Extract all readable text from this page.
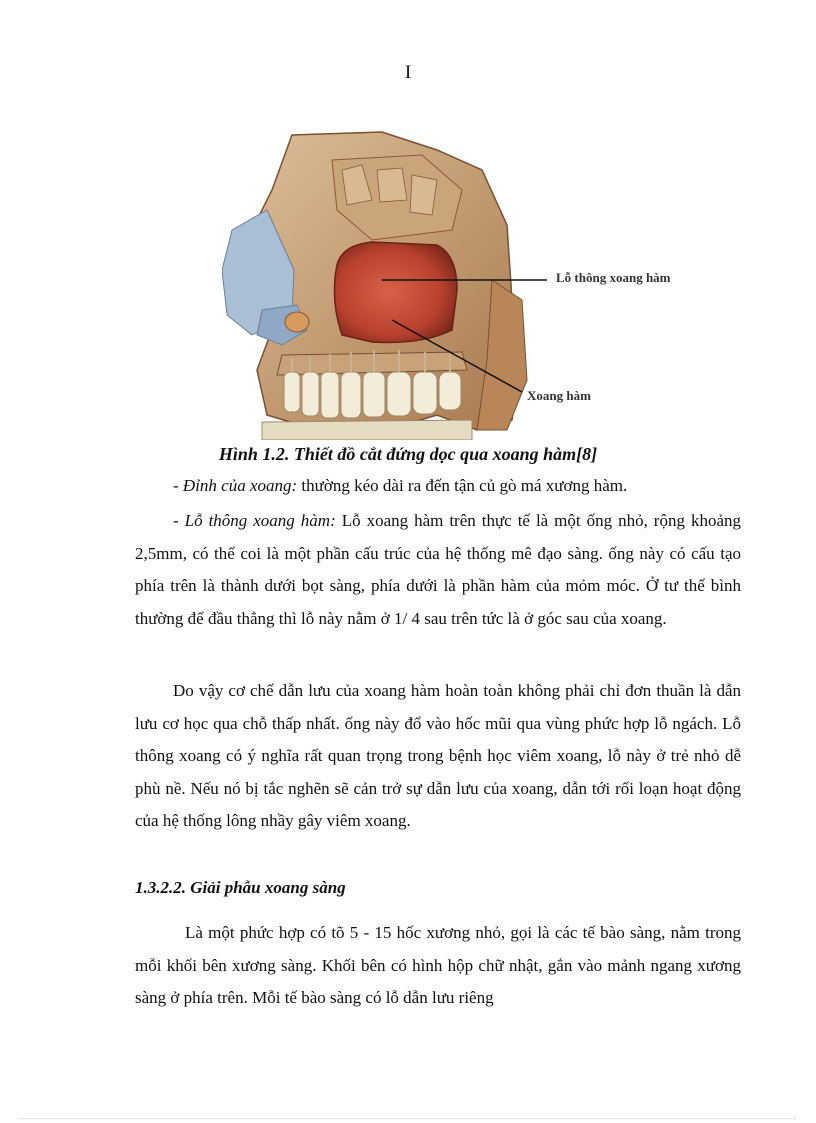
I
Lỗ thông xoang hàm
Xoang hàm
Hình 1.2. Thiết đồ cắt đứng dọc qua xoang hàm[8]

- Đỉnh của xoang: thường kéo dài ra đến tận củ gò má xương hàm.

- Lỗ thông xoang hàm: Lỗ xoang hàm trên thực tế là một ống nhỏ, rộng khoảng 2,5mm, có thể coi là một phần cấu trúc của hệ thống mê đạo sàng. ống này có cấu tạo phía trên là thành dưới bọt sàng, phía dưới là phần hàm của mỏm móc. Ở tư thế bình thường để đầu thẳng thì lỗ này nằm ở 1/ 4 sau trên tức là ở góc sau của xoang.

Do vậy cơ chế dẫn lưu của xoang hàm hoàn toàn không phải chỉ đơn thuần là dẫn lưu cơ học qua chỗ thấp nhất. ống này đổ vào hốc mũi qua vùng phức hợp lỗ ngách. Lỗ thông xoang có ý nghĩa rất quan trọng trong bệnh học viêm xoang, lỗ này ở trẻ nhỏ dễ phù nề. Nếu nó bị tắc nghẽn sẽ cản trở sự dẫn lưu của xoang, dẫn tới rối loạn hoạt động của hệ thống lông nhầy gây viêm xoang.

1.3.2.2. Giải phẫu xoang sàng

Là một phức hợp có tõ 5 - 15 hốc xương nhỏ, gọi là các tế bào sàng, nằm trong mỗi khối bên xương sàng. Khối bên có hình hộp chữ nhật, gắn vào mảnh ngang xương sàng ở phía trên. Mỗi tế bào sàng có lỗ dẫn lưu riêng
